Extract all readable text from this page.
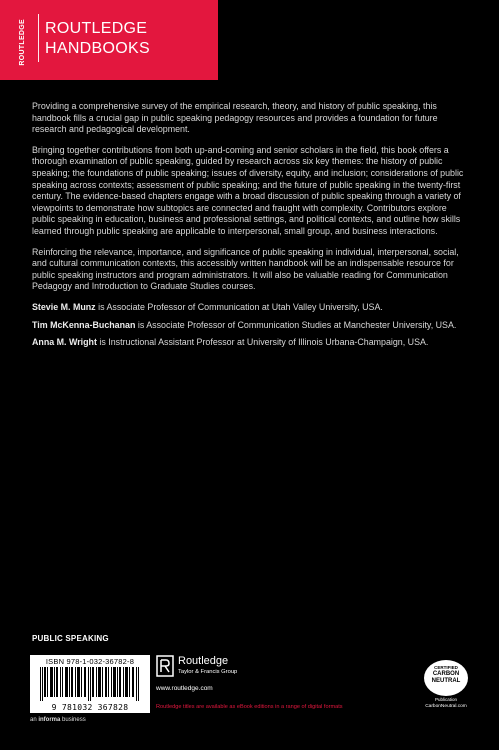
ROUTLEDGE ROUTLEDGE
HANDBOOKS

Providing a comprehensive survey of the empirical research, theory, and history of public speaking, this handbook fills a crucial gap in public speaking pedagogy resources and provides a foundation for future research and pedagogical development.

Bringing together contributions from both up-and-coming and senior scholars in the field, this book offers a thorough examination of public speaking, guided by research across six key themes: the history of public speaking; the foundations of public speaking; issues of diversity, equity, and inclusion; considerations of public speaking across contexts; assessment of public speaking; and the future of public speaking in the twenty-first century. The evidence-based chapters engage with a broad discussion of public speaking through a variety of viewpoints to demonstrate how subtopics are connected and fraught with complexity. Contributors explore public speaking in education, business and professional settings, and political contexts, and outline how skills learned through public speaking are applicable to interpersonal, small group, and business interactions.

Reinforcing the relevance, importance, and significance of public speaking in individual, interpersonal, social, and cultural communication contexts, this accessibly written handbook will be an indispensable resource for public speaking instructors and program administrators. It will also be valuable reading for Communication Pedagogy and Introduction to Graduate Studies courses.

Stevie M. Munz is Associate Professor of Communication at Utah Valley University, USA.

Tim McKenna-Buchanan is Associate Professor of Communication Studies at Manchester University, USA.

Anna M. Wright is Instructional Assistant Professor at University of Illinois Urbana-Champaign, USA.

PUBLIC SPEAKING
ISBN 978-1-032-36782-8
9 781032 367828
an informa business
Routledge
Taylor & Francis Group
www.routledge.com
Routledge titles are available as eBook editions in a range of digital formats
CERTIFIED
CARBON
NEUTRAL
Publication
CarbonNeutral.com
